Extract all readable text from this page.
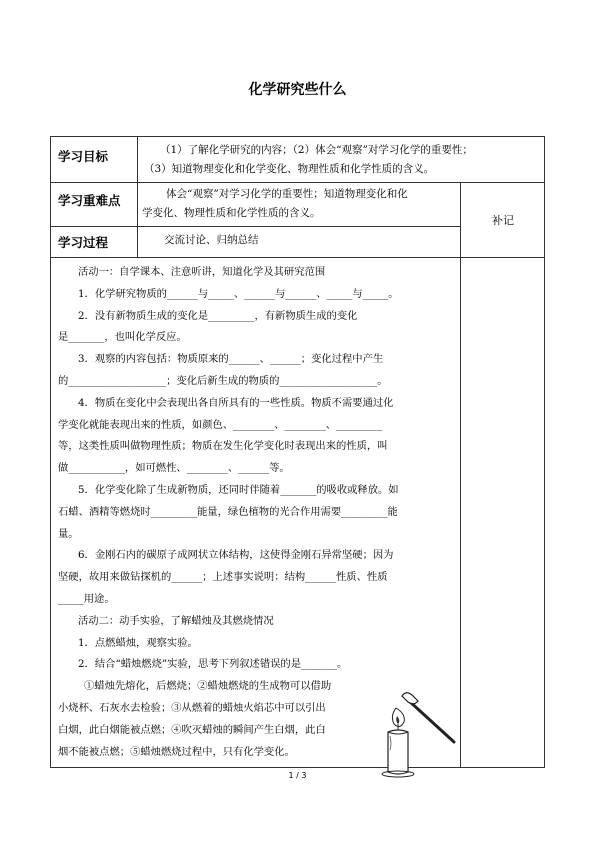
化学研究些什么
学习目标	（1）了解化学研究的内容；（2）体会“观察”对学习化学的重要性；
（3）知道物理变化和化学变化、物理性质和化学性质的含义。
学习重难点	体会“观察”对学习化学的重要性；知道物理变化和化
学变化、物理性质和化学性质的含义。
补记
学习过程	交流讨论、归纳总结
活动一：自学课本、注意听讲，知道化学及其研究范围
1．化学研究物质的______与_____、______与______、_____与_____。
2．没有新物质生成的变化是_________，有新物质生成的变化
是_______，也叫化学反应。
3．观察的内容包括：物质原来的______、______；变化过程中产生
的___________________；变化后新生成的物质的___________________。
4．物质在变化中会表现出各自所具有的一些性质。物质不需要通过化
学变化就能表现出来的性质，如颜色、________、________、_________
等，这类性质叫做物理性质；物质在发生化学变化时表现出来的性质，叫
做___________，如可燃性、________、______等。
5．化学变化除了生成新物质，还同时伴随着_______的吸收或释放。如
石蜡、酒精等燃烧时_________能量，绿色植物的光合作用需要_________能
量。
6．金刚石内的碳原子成网状立体结构，这使得金刚石异常坚硬；因为
坚硬，故用来做钻探机的______；上述事实说明：结构______性质、性质
_____用途。
活动二：动手实验，了解蜡烛及其燃烧情况
1．点燃蜡烛，观察实验。
2．结合“蜡烛燃烧”实验，思考下列叙述错误的是_______。
①蜡烛先熔化，后燃烧；②蜡烛燃烧的生成物可以借助
小烧杯、石灰水去检验；③从燃着的蜡烛火焰芯中可以引出
白烟，此白烟能被点燃；④吹灭蜡烛的瞬间产生白烟，此白
烟不能被点燃；⑤蜡烛燃烧过程中，只有化学变化。
1 / 3
